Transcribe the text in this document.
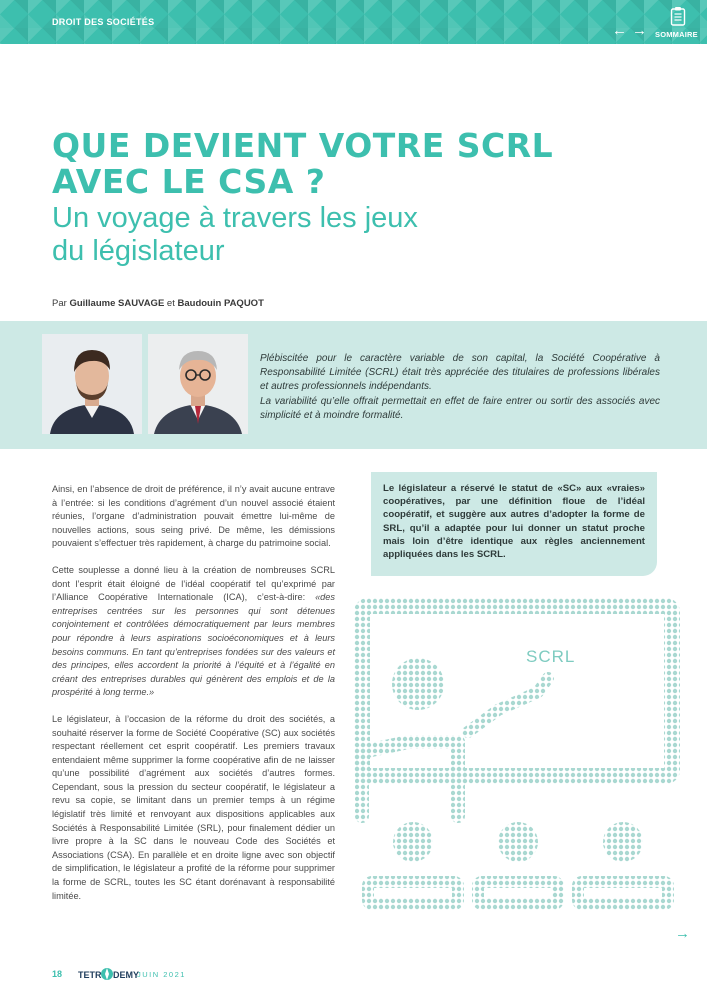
DROIT DES SOCIÉTÉS	← → SOMMAIRE
QUE DEVIENT VOTRE SCRL
AVEC LE CSA ?
Un voyage à travers les jeux
du législateur
Par Guillaume SAUVAGE et Baudouin PAQUOT

Plébiscitée pour le caractère variable de son capital, la Société Coopérative à Responsabilité Limitée (SCRL) était très appréciée des titulaires de professions libérales et autres professionnels indépendants.

La variabilité qu’elle offrait permettait en effet de faire entrer ou sortir des associés avec simplicité et à moindre formalité.

Ainsi, en l’absence de droit de préférence, il n’y avait aucune entrave à l’entrée: si les conditions d’agrément d’un nouvel associé étaient réunies, l’organe d’administration pouvait émettre lui-même de nouvelles actions, sous seing privé. De même, les démissions pouvaient s’effectuer très rapidement, à charge du patrimoine social.

Cette souplesse a donné lieu à la création de nombreuses SCRL dont l’esprit était éloigné de l’idéal coopératif tel qu’exprimé par l’Alliance Coopérative Internationale (ICA), c’est-à-dire: «des entreprises centrées sur les personnes qui sont détenues conjointement et contrôlées démocratiquement par leurs membres pour répondre à leurs aspirations socioéconomiques et à leurs besoins communs. En tant qu’entreprises fondées sur des valeurs et des principes, elles accordent la priorité à l’équité et à l’égalité en créant des entreprises durables qui génèrent des emplois et de la prospérité à long terme.»

Le législateur, à l’occasion de la réforme du droit des sociétés, a souhaité réserver la forme de Société Coopérative (SC) aux sociétés respectant réellement cet esprit coopératif. Les premiers travaux entendaient même supprimer la forme coopérative afin de ne laisser qu’une possibilité d’agrément aux sociétés d’autres formes. Cependant, sous la pression du secteur coopératif, le législateur a revu sa copie, se limitant dans un premier temps à un régime législatif très limité et renvoyant aux dispositions applicables aux Sociétés à Responsabilité Limitée (SRL), pour finalement dédier un livre propre à la SC dans le nouveau Code des Sociétés et Associations (CSA). En parallèle et en droite ligne avec son objectif de simplification, le législateur a profité de la réforme pour supprimer la forme de SCRL, toutes les SC étant dorénavant à responsabilité limitée.

Le législateur a réservé le statut de «SC» aux «vraies» coopératives, par une définition floue de l’idéal coopératif, et suggère aux autres d’adopter la forme de SRL, qu’il a adaptée pour lui donner un statut proche mais loin d’être identique aux règles anciennement appliquées dans les SCRL.
SCRL
→
18 TETR DEMY
JUIN 2021
